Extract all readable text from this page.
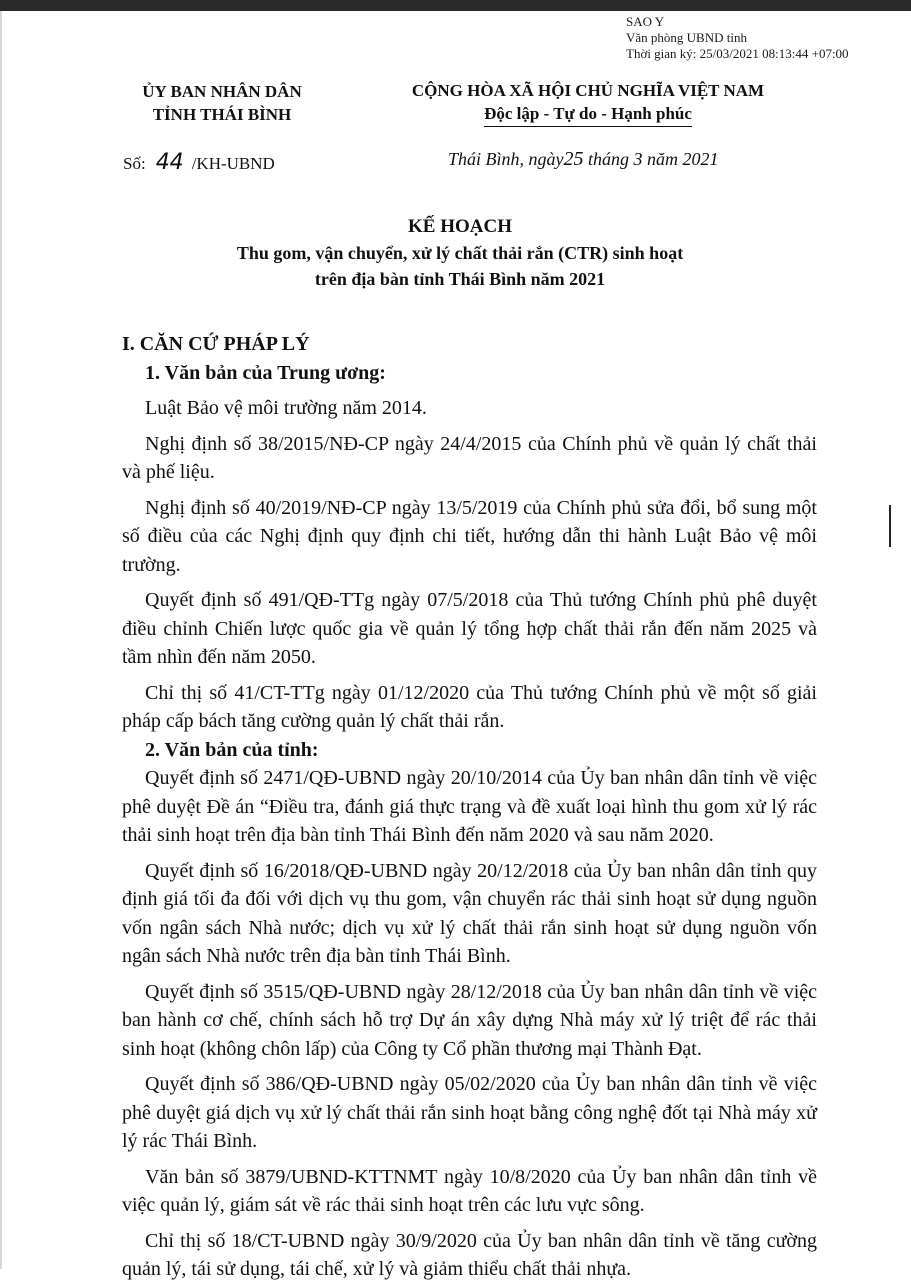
SAO Y
Văn phòng UBND tỉnh
Thời gian ký: 25/03/2021 08:13:44 +07:00
ỦY BAN NHÂN DÂN
TỈNH THÁI BÌNH
CỘNG HÒA XÃ HỘI CHỦ NGHĨA VIỆT NAM
Độc lập - Tự do - Hạnh phúc
Số: 44 /KH-UBND	Thái Bình, ngày25 tháng 3 năm 2021
KẾ HOẠCH
Thu gom, vận chuyển, xử lý chất thải rắn (CTR) sinh hoạt
trên địa bàn tỉnh Thái Bình năm 2021

I. CĂN CỨ PHÁP LÝ

1. Văn bản của Trung ương:

Luật Bảo vệ môi trường năm 2014.

Nghị định số 38/2015/NĐ-CP ngày 24/4/2015 của Chính phủ về quản lý chất thải và phế liệu.

Nghị định số 40/2019/NĐ-CP ngày 13/5/2019 của Chính phủ sửa đổi, bổ sung một số điều của các Nghị định quy định chi tiết, hướng dẫn thi hành Luật Bảo vệ môi trường.

Quyết định số 491/QĐ-TTg ngày 07/5/2018 của Thủ tướng Chính phủ phê duyệt điều chỉnh Chiến lược quốc gia về quản lý tổng hợp chất thải rắn đến năm 2025 và tầm nhìn đến năm 2050.

Chỉ thị số 41/CT-TTg ngày 01/12/2020 của Thủ tướng Chính phủ về một số giải pháp cấp bách tăng cường quản lý chất thải rắn.

2. Văn bản của tỉnh:

Quyết định số 2471/QĐ-UBND ngày 20/10/2014 của Ủy ban nhân dân tỉnh về việc phê duyệt Đề án “Điều tra, đánh giá thực trạng và đề xuất loại hình thu gom xử lý rác thải sinh hoạt trên địa bàn tỉnh Thái Bình đến năm 2020 và sau năm 2020.

Quyết định số 16/2018/QĐ-UBND ngày 20/12/2018 của Ủy ban nhân dân tỉnh quy định giá tối đa đối với dịch vụ thu gom, vận chuyển rác thải sinh hoạt sử dụng nguồn vốn ngân sách Nhà nước; dịch vụ xử lý chất thải rắn sinh hoạt sử dụng nguồn vốn ngân sách Nhà nước trên địa bàn tỉnh Thái Bình.

Quyết định số 3515/QĐ-UBND ngày 28/12/2018 của Ủy ban nhân dân tỉnh về việc ban hành cơ chế, chính sách hỗ trợ Dự án xây dựng Nhà máy xử lý triệt để rác thải sinh hoạt (không chôn lấp) của Công ty Cổ phần thương mại Thành Đạt.

Quyết định số 386/QĐ-UBND ngày 05/02/2020 của Ủy ban nhân dân tỉnh về việc phê duyệt giá dịch vụ xử lý chất thải rắn sinh hoạt bằng công nghệ đốt tại Nhà máy xử lý rác Thái Bình.

Văn bản số 3879/UBND-KTTNMT ngày 10/8/2020 của Ủy ban nhân dân tỉnh về việc quản lý, giám sát về rác thải sinh hoạt trên các lưu vực sông.

Chỉ thị số 18/CT-UBND ngày 30/9/2020 của Ủy ban nhân dân tỉnh về tăng cường quản lý, tái sử dụng, tái chế, xử lý và giảm thiểu chất thải nhựa.
